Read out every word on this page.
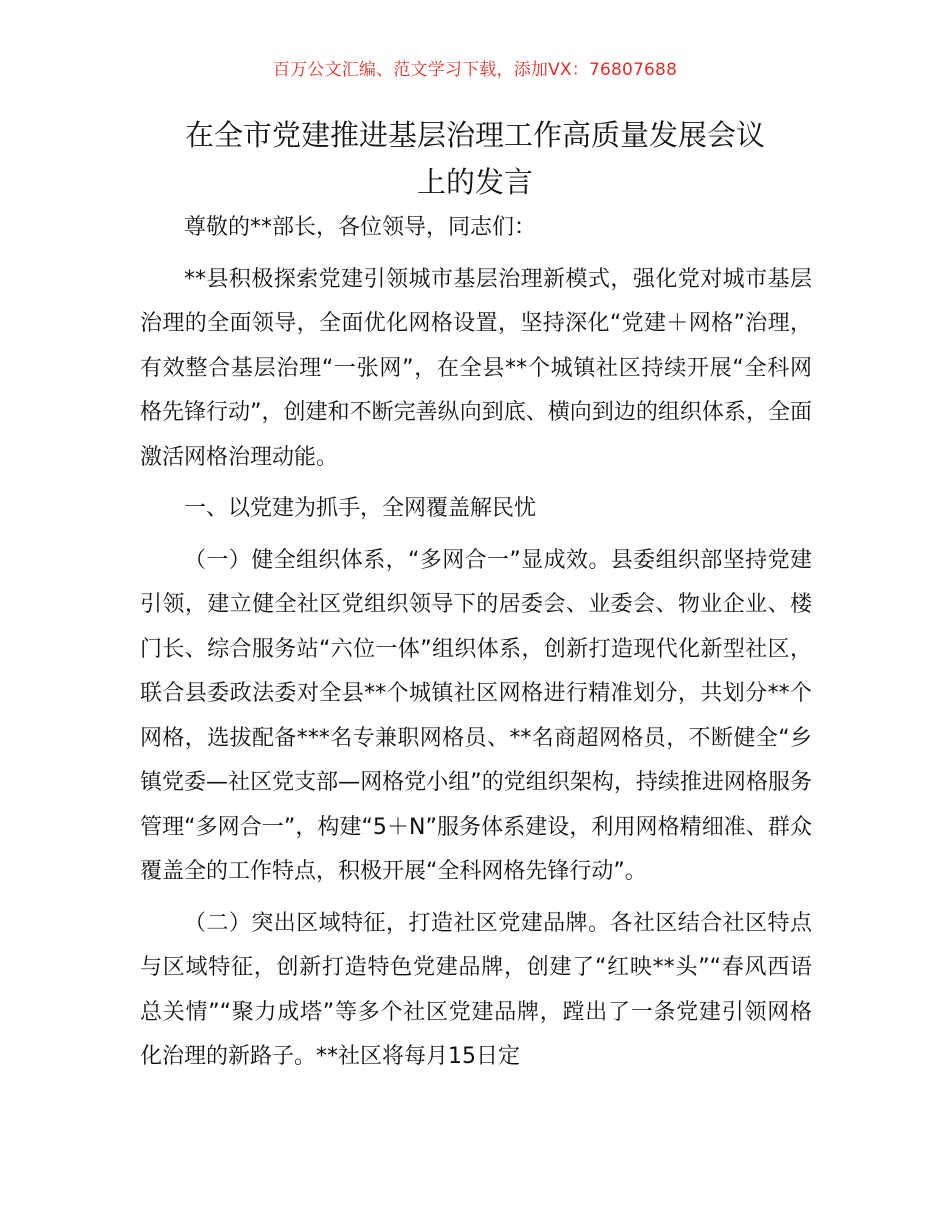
百万公文汇编、范文学习下载，添加VX：76807688
在全市党建推进基层治理工作高质量发展会议
上的发言

尊敬的**部长，各位领导，同志们：

**县积极探索党建引领城市基层治理新模式，强化党对城市基层治理的全面领导，全面优化网格设置，坚持深化“党建＋网格”治理，有效整合基层治理“一张网”，在全县**个城镇社区持续开展“全科网格先锋行动”，创建和不断完善纵向到底、横向到边的组织体系，全面激活网格治理动能。

一、以党建为抓手，全网覆盖解民忧

（一）健全组织体系，“多网合一”显成效。县委组织部坚持党建引领，建立健全社区党组织领导下的居委会、业委会、物业企业、楼门长、综合服务站“六位一体”组织体系，创新打造现代化新型社区，联合县委政法委对全县**个城镇社区网格进行精准划分，共划分**个网格，选拔配备***名专兼职网格员、**名商超网格员，不断健全“乡镇党委—社区党支部—网格党小组”的党组织架构，持续推进网格服务管理“多网合一”，构建“5＋N”服务体系建设，利用网格精细准、群众覆盖全的工作特点，积极开展“全科网格先锋行动”。

（二）突出区域特征，打造社区党建品牌。各社区结合社区特点与区域特征，创新打造特色党建品牌，创建了“红映**头”“春风西语总关情”“聚力成塔”等多个社区党建品牌，蹚出了一条党建引领网格化治理的新路子。**社区将每月15日定
